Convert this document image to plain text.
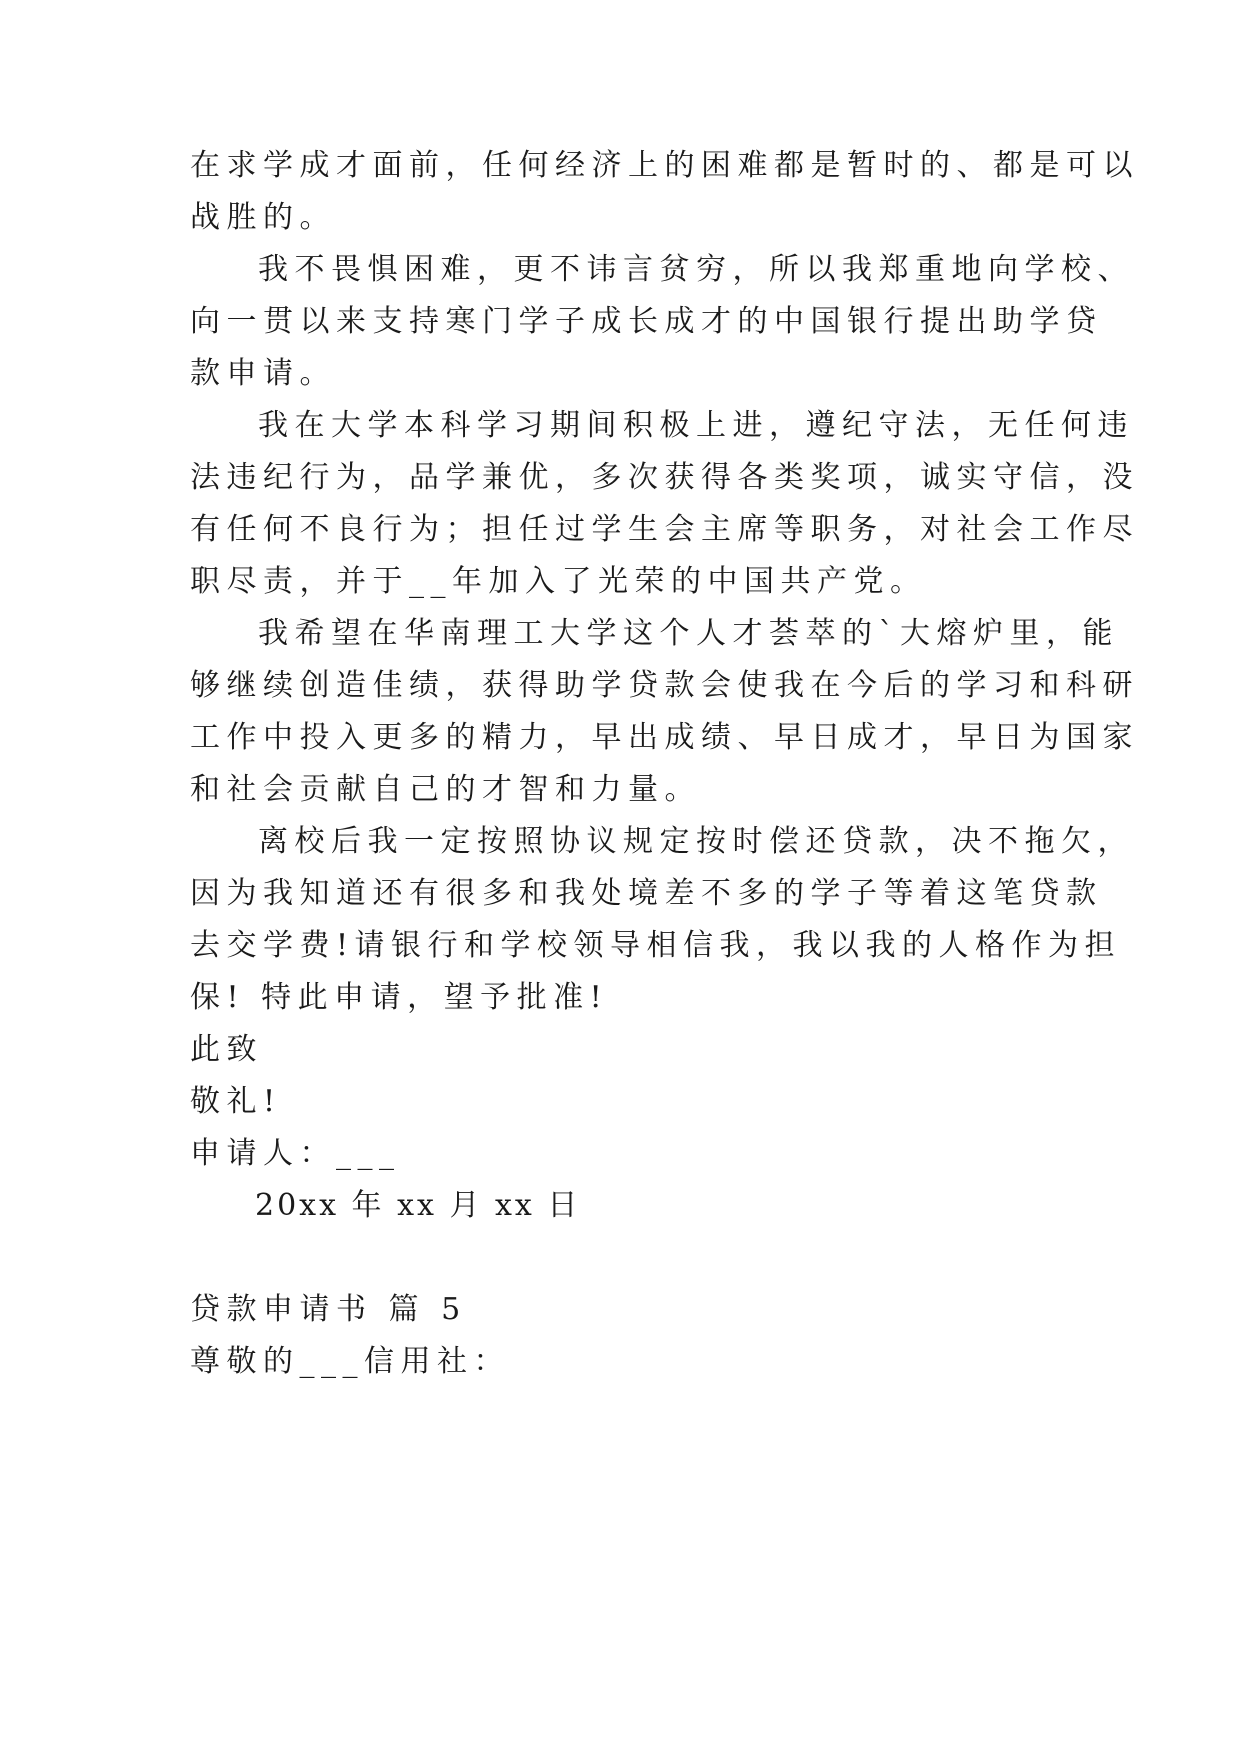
在求学成才面前，任何经济上的困难都是暂时的、都是可以
战胜的。
我不畏惧困难，更不讳言贫穷，所以我郑重地向学校、
向一贯以来支持寒门学子成长成才的中国银行提出助学贷
款申请。
我在大学本科学习期间积极上进，遵纪守法，无任何违
法违纪行为，品学兼优，多次获得各类奖项，诚实守信，没
有任何不良行为；担任过学生会主席等职务，对社会工作尽
职尽责，并于__年加入了光荣的中国共产党。
我希望在华南理工大学这个人才荟萃的`大熔炉里，能
够继续创造佳绩，获得助学贷款会使我在今后的学习和科研
工作中投入更多的精力，早出成绩、早日成才，早日为国家
和社会贡献自己的才智和力量。
离校后我一定按照协议规定按时偿还贷款，决不拖欠，
因为我知道还有很多和我处境差不多的学子等着这笔贷款
去交学费!请银行和学校领导相信我，我以我的人格作为担
保! 特此申请，望予批准!
此致
敬礼!
申请人：___
20xx 年 xx 月 xx 日
贷款申请书 篇 5
尊敬的___信用社：
